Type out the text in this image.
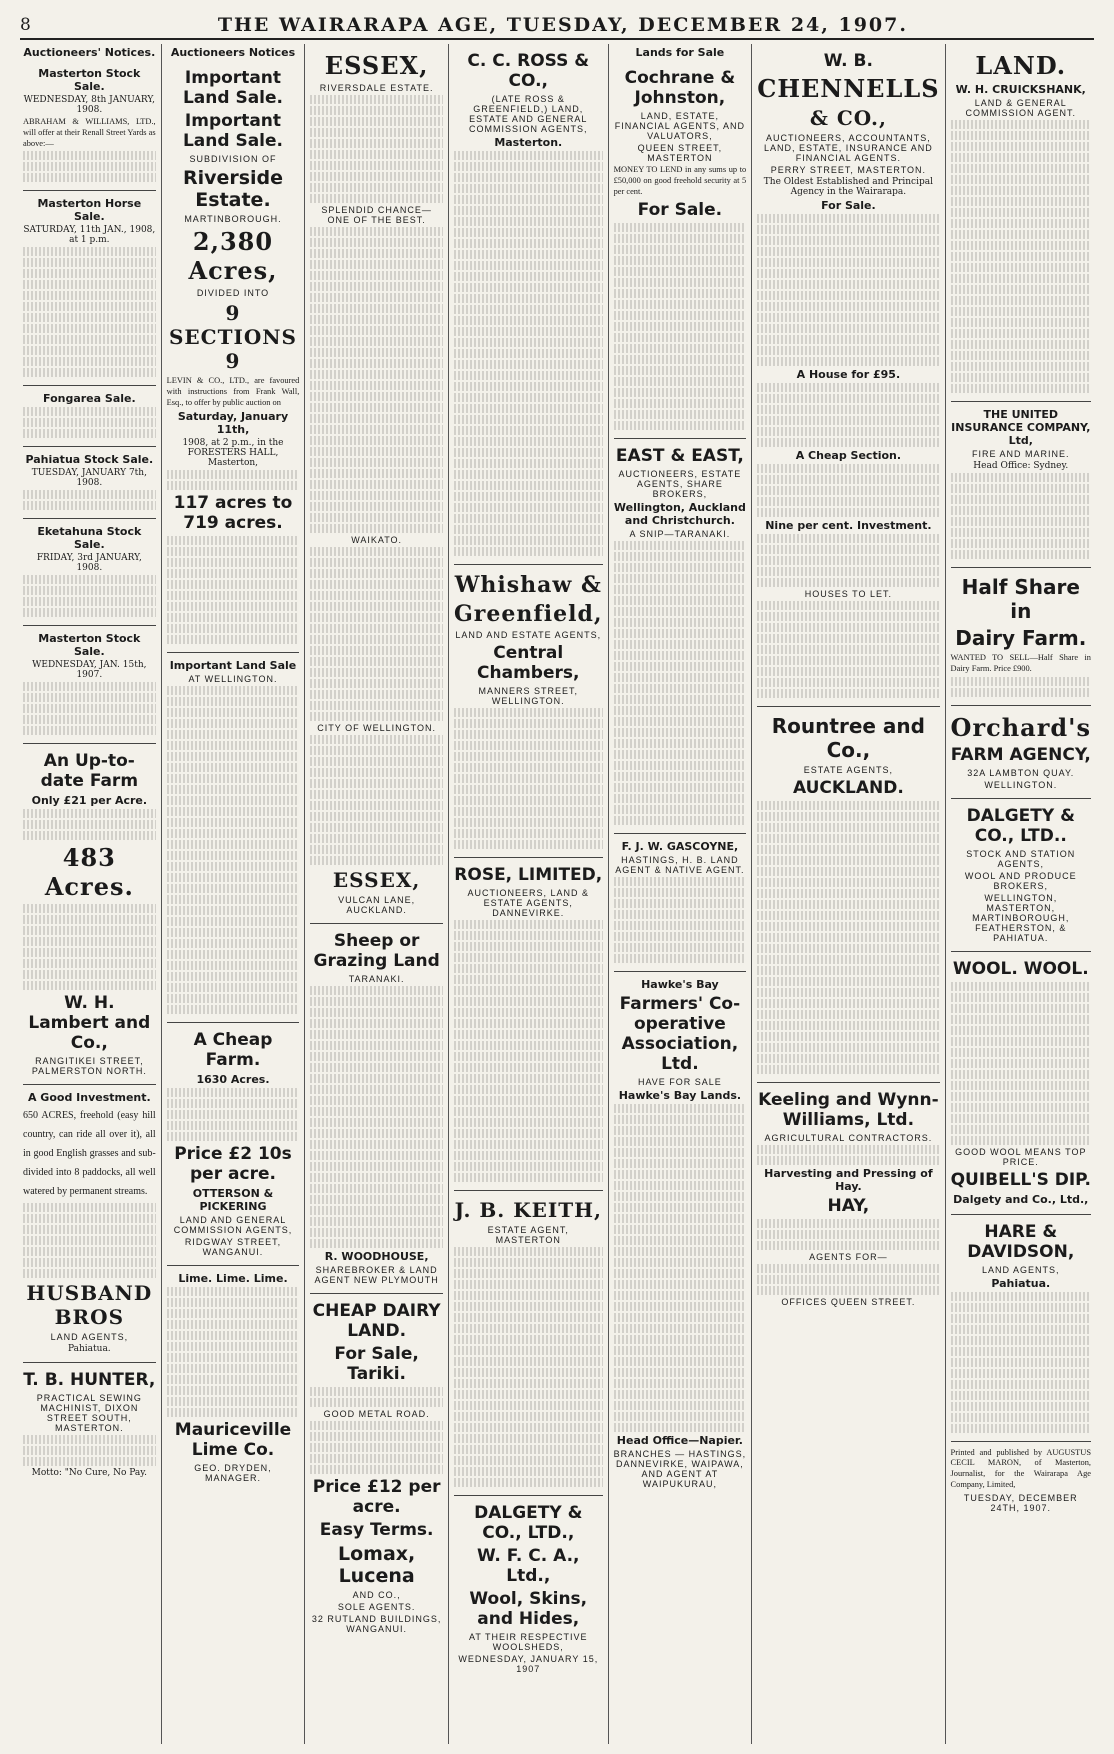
8	THE WAIRARAPA AGE, TUESDAY, DECEMBER 24, 1907.
Auctioneers' Notices.
Masterton Stock Sale.
WEDNESDAY, 8th JANUARY, 1908.
ABRAHAM & WILLIAMS, LTD., will offer at their Renall Street Yards as above:—
Masterton Horse Sale.
SATURDAY, 11th JAN., 1908, at 1 p.m.
Fongarea Sale.
Pahiatua Stock Sale.
TUESDAY, JANUARY 7th, 1908.
Eketahuna Stock Sale.
FRIDAY, 3rd JANUARY, 1908.
Masterton Stock Sale.
WEDNESDAY, JAN. 15th, 1907.
An Up-to-date Farm
Only £21 per Acre.
483 Acres.
W. H. Lambert and Co.,
RANGITIKEI STREET, PALMERSTON NORTH.
A Good Investment.
650 ACRES, freehold (easy hill country, can ride all over it), all in good English grasses and sub-divided into 8 paddocks, all well watered by permanent streams.
HUSBAND BROS
LAND AGENTS,
Pahiatua.
T. B. HUNTER,
PRACTICAL SEWING MACHINIST, DIXON STREET SOUTH, MASTERTON.
Motto: "No Cure, No Pay.
Auctioneers Notices
Important Land Sale.
Important Land Sale.
SUBDIVISION OF
Riverside Estate.
MARTINBOROUGH.
2,380 Acres,
DIVIDED INTO
9 SECTIONS 9
LEVIN & CO., LTD., are favoured with instructions from Frank Wall, Esq., to offer by public auction on
Saturday, January 11th,
1908, at 2 p.m., in the FORESTERS HALL, Masterton,
117 acres to 719 acres.
Important Land Sale
AT WELLINGTON.
A Cheap Farm.
1630 Acres.
Price £2 10s per acre.
OTTERSON & PICKERING
LAND AND GENERAL COMMISSION AGENTS,
RIDGWAY STREET, WANGANUI.
Lime. Lime. Lime.
Mauriceville Lime Co.
GEO. DRYDEN, MANAGER.
ESSEX,
RIVERSDALE ESTATE.
SPLENDID CHANCE—ONE OF THE BEST.
WAIKATO.
CITY OF WELLINGTON.
ESSEX,
VULCAN LANE, AUCKLAND.
Sheep or Grazing Land
TARANAKI.
R. WOODHOUSE,
SHAREBROKER & LAND AGENT NEW PLYMOUTH
CHEAP DAIRY LAND.
For Sale, Tariki.
GOOD METAL ROAD.
Price £12 per acre.
Easy Terms.
Lomax, Lucena
AND CO.,
SOLE AGENTS.
32 RUTLAND BUILDINGS, WANGANUI.
C. C. ROSS & CO.,
(LATE ROSS & GREENFIELD,) LAND, ESTATE AND GENERAL COMMISSION AGENTS,
Masterton.
Whishaw &
Greenfield,
LAND AND ESTATE AGENTS,
Central Chambers,
MANNERS STREET, WELLINGTON.
ROSE, LIMITED,
AUCTIONEERS, LAND & ESTATE AGENTS, DANNEVIRKE.
J. B. KEITH,
ESTATE AGENT, MASTERTON
DALGETY & CO., LTD.,
W. F. C. A., Ltd.,
Wool, Skins, and Hides,
AT THEIR RESPECTIVE WOOLSHEDS,
WEDNESDAY, JANUARY 15, 1907
Lands for Sale
Cochrane & Johnston,
LAND, ESTATE, FINANCIAL AGENTS, AND VALUATORS,
QUEEN STREET, MASTERTON
MONEY TO LEND in any sums up to £50,000 on good freehold security at 5 per cent.
For Sale.
EAST & EAST,
AUCTIONEERS, ESTATE AGENTS, SHARE BROKERS,
Wellington, Auckland and Christchurch.
A SNIP—TARANAKI.
F. J. W. GASCOYNE,
HASTINGS, H. B. LAND AGENT & NATIVE AGENT.
Hawke's Bay
Farmers' Co-operative Association, Ltd.
HAVE FOR SALE
Hawke's Bay Lands.
Head Office—Napier.
BRANCHES — HASTINGS, DANNEVIRKE, WAIPAWA, AND AGENT AT WAIPUKURAU,
W. B.
CHENNELLS
& CO.,
AUCTIONEERS, ACCOUNTANTS, LAND, ESTATE, INSURANCE AND FINANCIAL AGENTS.
PERRY STREET, MASTERTON.
The Oldest Established and Principal Agency in the Wairarapa.
For Sale.
A House for £95.
A Cheap Section.
Nine per cent. Investment.
HOUSES TO LET.
Rountree and Co.,
ESTATE AGENTS,
AUCKLAND.
Keeling and Wynn-Williams, Ltd.
AGRICULTURAL CONTRACTORS.
Harvesting and Pressing of Hay.
HAY,
AGENTS FOR—
OFFICES QUEEN STREET.
LAND.
W. H. CRUICKSHANK,
LAND & GENERAL COMMISSION AGENT.
THE UNITED INSURANCE COMPANY, Ltd,
FIRE AND MARINE.
Head Office: Sydney.
Half Share in
Dairy Farm.
WANTED TO SELL—Half Share in Dairy Farm. Price £900.
Orchard's
FARM AGENCY,
32A LAMBTON QUAY.
WELLINGTON.
DALGETY & CO., LTD..
STOCK AND STATION AGENTS,
WOOL AND PRODUCE BROKERS,
WELLINGTON, MASTERTON, MARTINBOROUGH, FEATHERSTON, & PAHIATUA.
WOOL. WOOL.
GOOD WOOL MEANS TOP PRICE.
QUIBELL'S DIP.
Dalgety and Co., Ltd.,
HARE & DAVIDSON,
LAND AGENTS,
Pahiatua.
Printed and published by AUGUSTUS CECIL MARON, of Masterton, Journalist, for the Wairarapa Age Company, Limited,
TUESDAY, DECEMBER 24TH, 1907.
